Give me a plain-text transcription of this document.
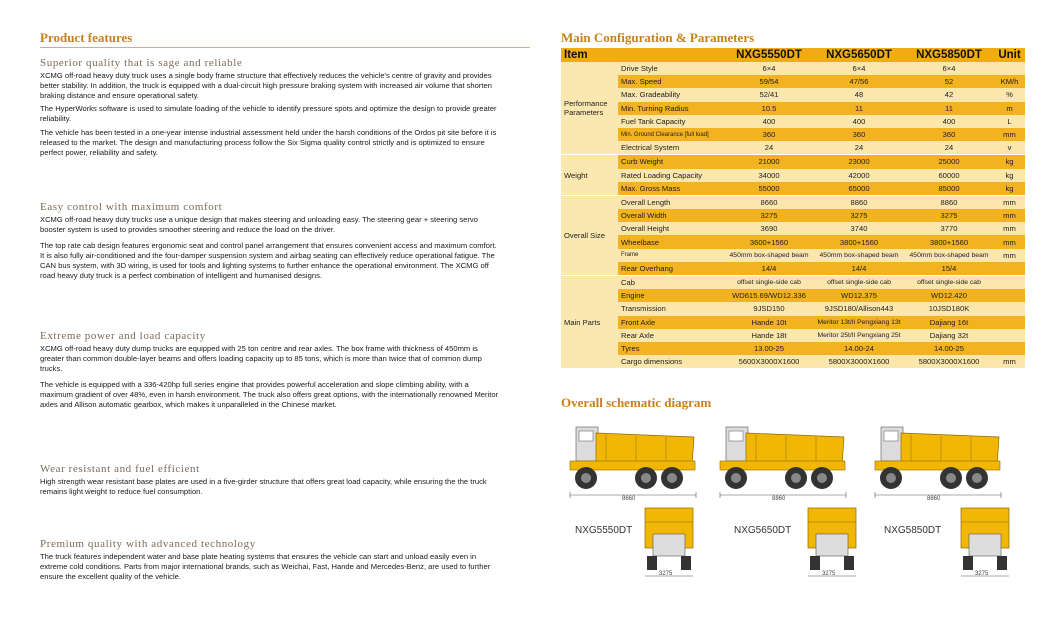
Product features
Superior quality that is sage and reliable
XCMG off-road heavy duty truck uses a single body frame structure that effectively reduces the vehicle's centre of gravity and provides better stability. In addition, the truck is equipped with a dual-circuit high pressure braking system with increased air volume that shorten braking distance and ensure operational safety.
The HyperWorks software is used to simulate loading of the vehicle to identify pressure spots and optimize the design to provide greater reliability.
The vehicle has been tested in a one-year intense industrial assessment held under the harsh conditions of the Ordos pit site before it is released to the market. The design and manufacturing process follow the Six Sigma quality control strictly and is optimized to ensure perfect power, reliability and safety.
Easy control with maximum comfort
XCMG off-road heavy duty trucks use a unique design that makes steering and unloading easy. The steering gear + steering servo booster system is used to provides smoother steering and reduce the load on the driver.
The top rate cab design features ergonomic seat and control panel arrangement that ensures convenient access and maximum comfort. It is also fully air-conditioned and the four-damper suspension system and airbag seating can effectively reduce operational fatigue. The CAN bus system, with 3D wiring, is used for tools and lighting systems to further enhance the operational environment. The XCMG off road heavy duty truck is a perfect combination of intelligent and humanised designs.
Extreme power and load capacity
XCMG off-road heavy duty dump trucks are equipped with 25 ton centre and rear axles. The box frame with thickness of 450mm is greater than common double-layer beams and offers loading capacity up to 85 tons, which is more than twice that of common dump trucks.
The vehicle is equipped with a 336-420hp full series engine that provides powerful acceleration and slope climbing ability, with a maximum gradient of over 48%, even in harsh environment. The truck also offers great options, with the internationally renowned Meritor axles and Allison automatic gearbox, which makes it unparalleled in the Chinese market.
Wear resistant and fuel efficient
High strength wear resistant base plates are used in a five-girder structure that offers great load capacity, while ensuring the the truck remains light weight to reduce fuel consumption.
Premium quality with advanced technology
The truck features independent water and base plate heating systems that ensures the vehicle can start and unload easily even in extreme cold conditions. Parts from major international brands, such as Weichai, Fast, Hande and Mercedes-Benz, are used to further ensure the excellent quality of the vehicle.
Main Configuration & Parameters
Item		NXG5550DT	NXG5650DT	NXG5850DT	Unit
Performance Parameters	Drive Style	6×4	6×4	6×4	
	Max. Speed	59/54	47/56	52	KM/h
	Max. Gradeability	52/41	48	42	%
	Min. Turning Radius	10.5	11	11	m
	Fuel Tank Capacity	400	400	400	L
	Min. Ground Clearance [full load]	360	360	360	mm
	Electrical System	24	24	24	v
Weight	Curb Weight	21000	23000	25000	kg
	Rated Loading Capacity	34000	42000	60000	kg
	Max. Gross Mass	55000	65000	85000	kg
Overall Size	Overall Length	8660	8860	8860	mm
	Overall Width	3275	3275	3275	mm
	Overall Height	3690	3740	3770	mm
	Wheelbase	3600+1560	3800+1560	3800+1560	mm
	Frame	450mm box-shaped beam	450mm box-shaped beam	450mm box-shaped beam	mm
	Rear Overhang	14/4	14/4	15/4	
Main Parts	Cab	offset single-side cab	offset single-side cab	offset single-side cab	
	Engine	WD615.69/WD12.336	WD12.375	WD12.420	
	Transmission	9JSD150	9JSD180/Allison443	10JSD180K	
	Front Axle	Hande 10t	Meritor 13t/Il Pengxiang 13t	Dajiang 16t	
	Rear Axle	Hande 18t	Meritor 25t/Il Pengxiang 25t	Dajiang 32t	
	Tyres	13.00-25	14.00-24	14.00-25	
	Cargo dimensions	5600X3000X1600	5800X3000X1600	5800X3000X1600	mm
Overall schematic diagram
8660
3275
NXG5550DT
8860
3275
NXG5650DT
8860
3275
NXG5850DT
